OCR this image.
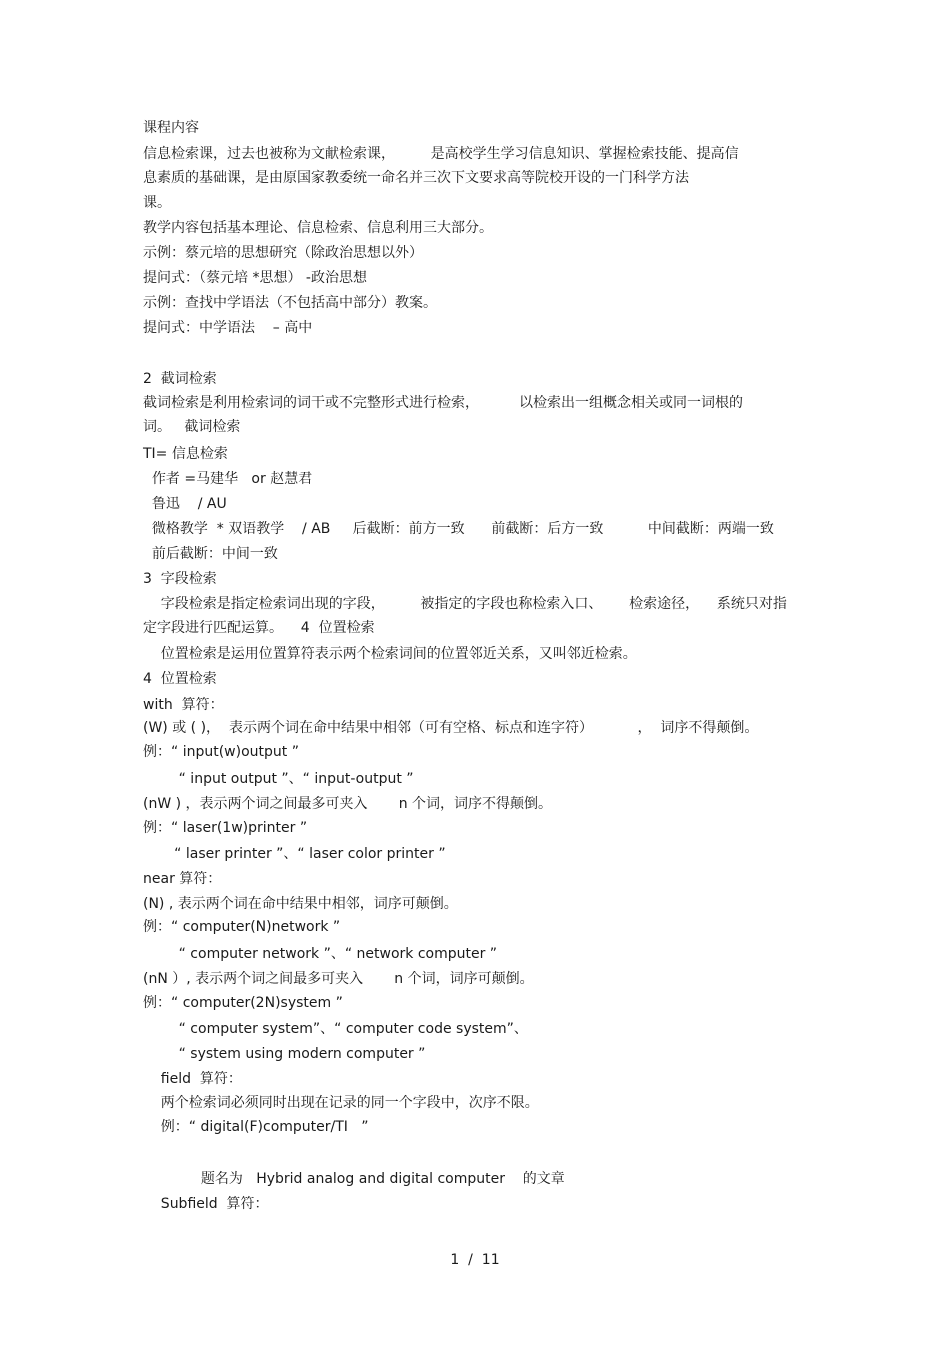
课程内容
信息检索课，过去也被称为文献检索课，        是高校学生学习信息知识、掌握检索技能、提高信
息素质的基础课，是由原国家教委统一命名并三次下文要求高等院校开设的一门科学方法
课。
教学内容包括基本理论、信息检索、信息利用三大部分。
示例：蔡元培的思想研究（除政治思想以外）
提问式：（蔡元培 *思想） -政治思想
示例：查找中学语法（不包括高中部分）教案。
提问式：中学语法    – 高中
2  截词检索
截词检索是利用检索词的词干或不完整形式进行检索，         以检索出一组概念相关或同一词根的
词。   截词检索
TI= 信息检索
作者 =马建华   or 赵慧君
鲁迅    / AU
微格教学  * 双语教学    / AB     后截断：前方一致      前截断：后方一致          中间截断：两端一致
前后截断：中间一致
3  字段检索
字段检索是指定检索词出现的字段，        被指定的字段也称检索入口、      检索途径，    系统只对指
定字段进行匹配运算。    4  位置检索
位置检索是运用位置算符表示两个检索词间的位置邻近关系，又叫邻近检索。
4  位置检索
with  算符：
(W) 或 ( )，  表示两个词在命中结果中相邻（可有空格、标点和连字符）          ，  词序不得颠倒。
例：“ input(w)output ”
“ input output ”、“ input-output ”
(nW ) ，表示两个词之间最多可夹入       n 个词，词序不得颠倒。
例：“ laser(1w)printer ”
“ laser printer ”、“ laser color printer ”
near 算符：
(N) , 表示两个词在命中结果中相邻，词序可颠倒。
例：“ computer(N)network ”
“ computer network ”、“ network computer ”
(nN ）, 表示两个词之间最多可夹入       n 个词，词序可颠倒。
例：“ computer(2N)system ”
“ computer system”、“ computer code system”、
“ system using modern computer ”
field  算符：
两个检索词必须同时出现在记录的同一个字段中，次序不限。
例：“ digital(F)computer/TI   ”
题名为   Hybrid analog and digital computer    的文章
Subfield  算符：
1  /  11
